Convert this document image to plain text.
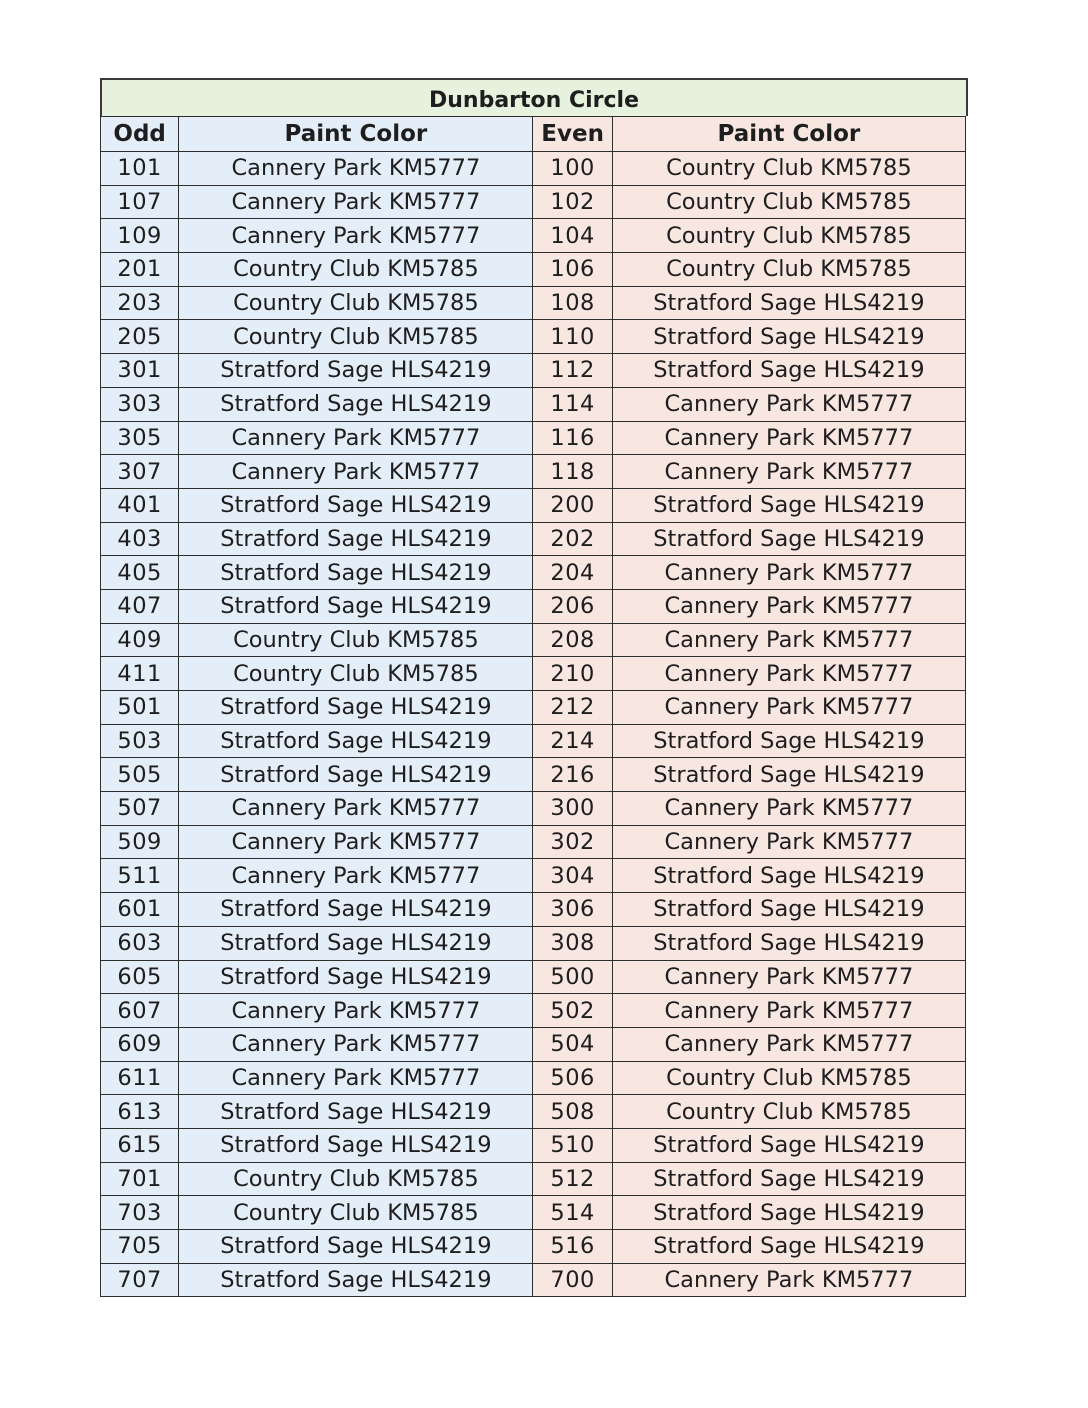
Dunbarton Circle
Odd	Paint Color	Even	Paint Color
101	Cannery Park KM5777	100	Country Club KM5785
107	Cannery Park KM5777	102	Country Club KM5785
109	Cannery Park KM5777	104	Country Club KM5785
201	Country Club KM5785	106	Country Club KM5785
203	Country Club KM5785	108	Stratford Sage HLS4219
205	Country Club KM5785	110	Stratford Sage HLS4219
301	Stratford Sage HLS4219	112	Stratford Sage HLS4219
303	Stratford Sage HLS4219	114	Cannery Park KM5777
305	Cannery Park KM5777	116	Cannery Park KM5777
307	Cannery Park KM5777	118	Cannery Park KM5777
401	Stratford Sage HLS4219	200	Stratford Sage HLS4219
403	Stratford Sage HLS4219	202	Stratford Sage HLS4219
405	Stratford Sage HLS4219	204	Cannery Park KM5777
407	Stratford Sage HLS4219	206	Cannery Park KM5777
409	Country Club KM5785	208	Cannery Park KM5777
411	Country Club KM5785	210	Cannery Park KM5777
501	Stratford Sage HLS4219	212	Cannery Park KM5777
503	Stratford Sage HLS4219	214	Stratford Sage HLS4219
505	Stratford Sage HLS4219	216	Stratford Sage HLS4219
507	Cannery Park KM5777	300	Cannery Park KM5777
509	Cannery Park KM5777	302	Cannery Park KM5777
511	Cannery Park KM5777	304	Stratford Sage HLS4219
601	Stratford Sage HLS4219	306	Stratford Sage HLS4219
603	Stratford Sage HLS4219	308	Stratford Sage HLS4219
605	Stratford Sage HLS4219	500	Cannery Park KM5777
607	Cannery Park KM5777	502	Cannery Park KM5777
609	Cannery Park KM5777	504	Cannery Park KM5777
611	Cannery Park KM5777	506	Country Club KM5785
613	Stratford Sage HLS4219	508	Country Club KM5785
615	Stratford Sage HLS4219	510	Stratford Sage HLS4219
701	Country Club KM5785	512	Stratford Sage HLS4219
703	Country Club KM5785	514	Stratford Sage HLS4219
705	Stratford Sage HLS4219	516	Stratford Sage HLS4219
707	Stratford Sage HLS4219	700	Cannery Park KM5777
